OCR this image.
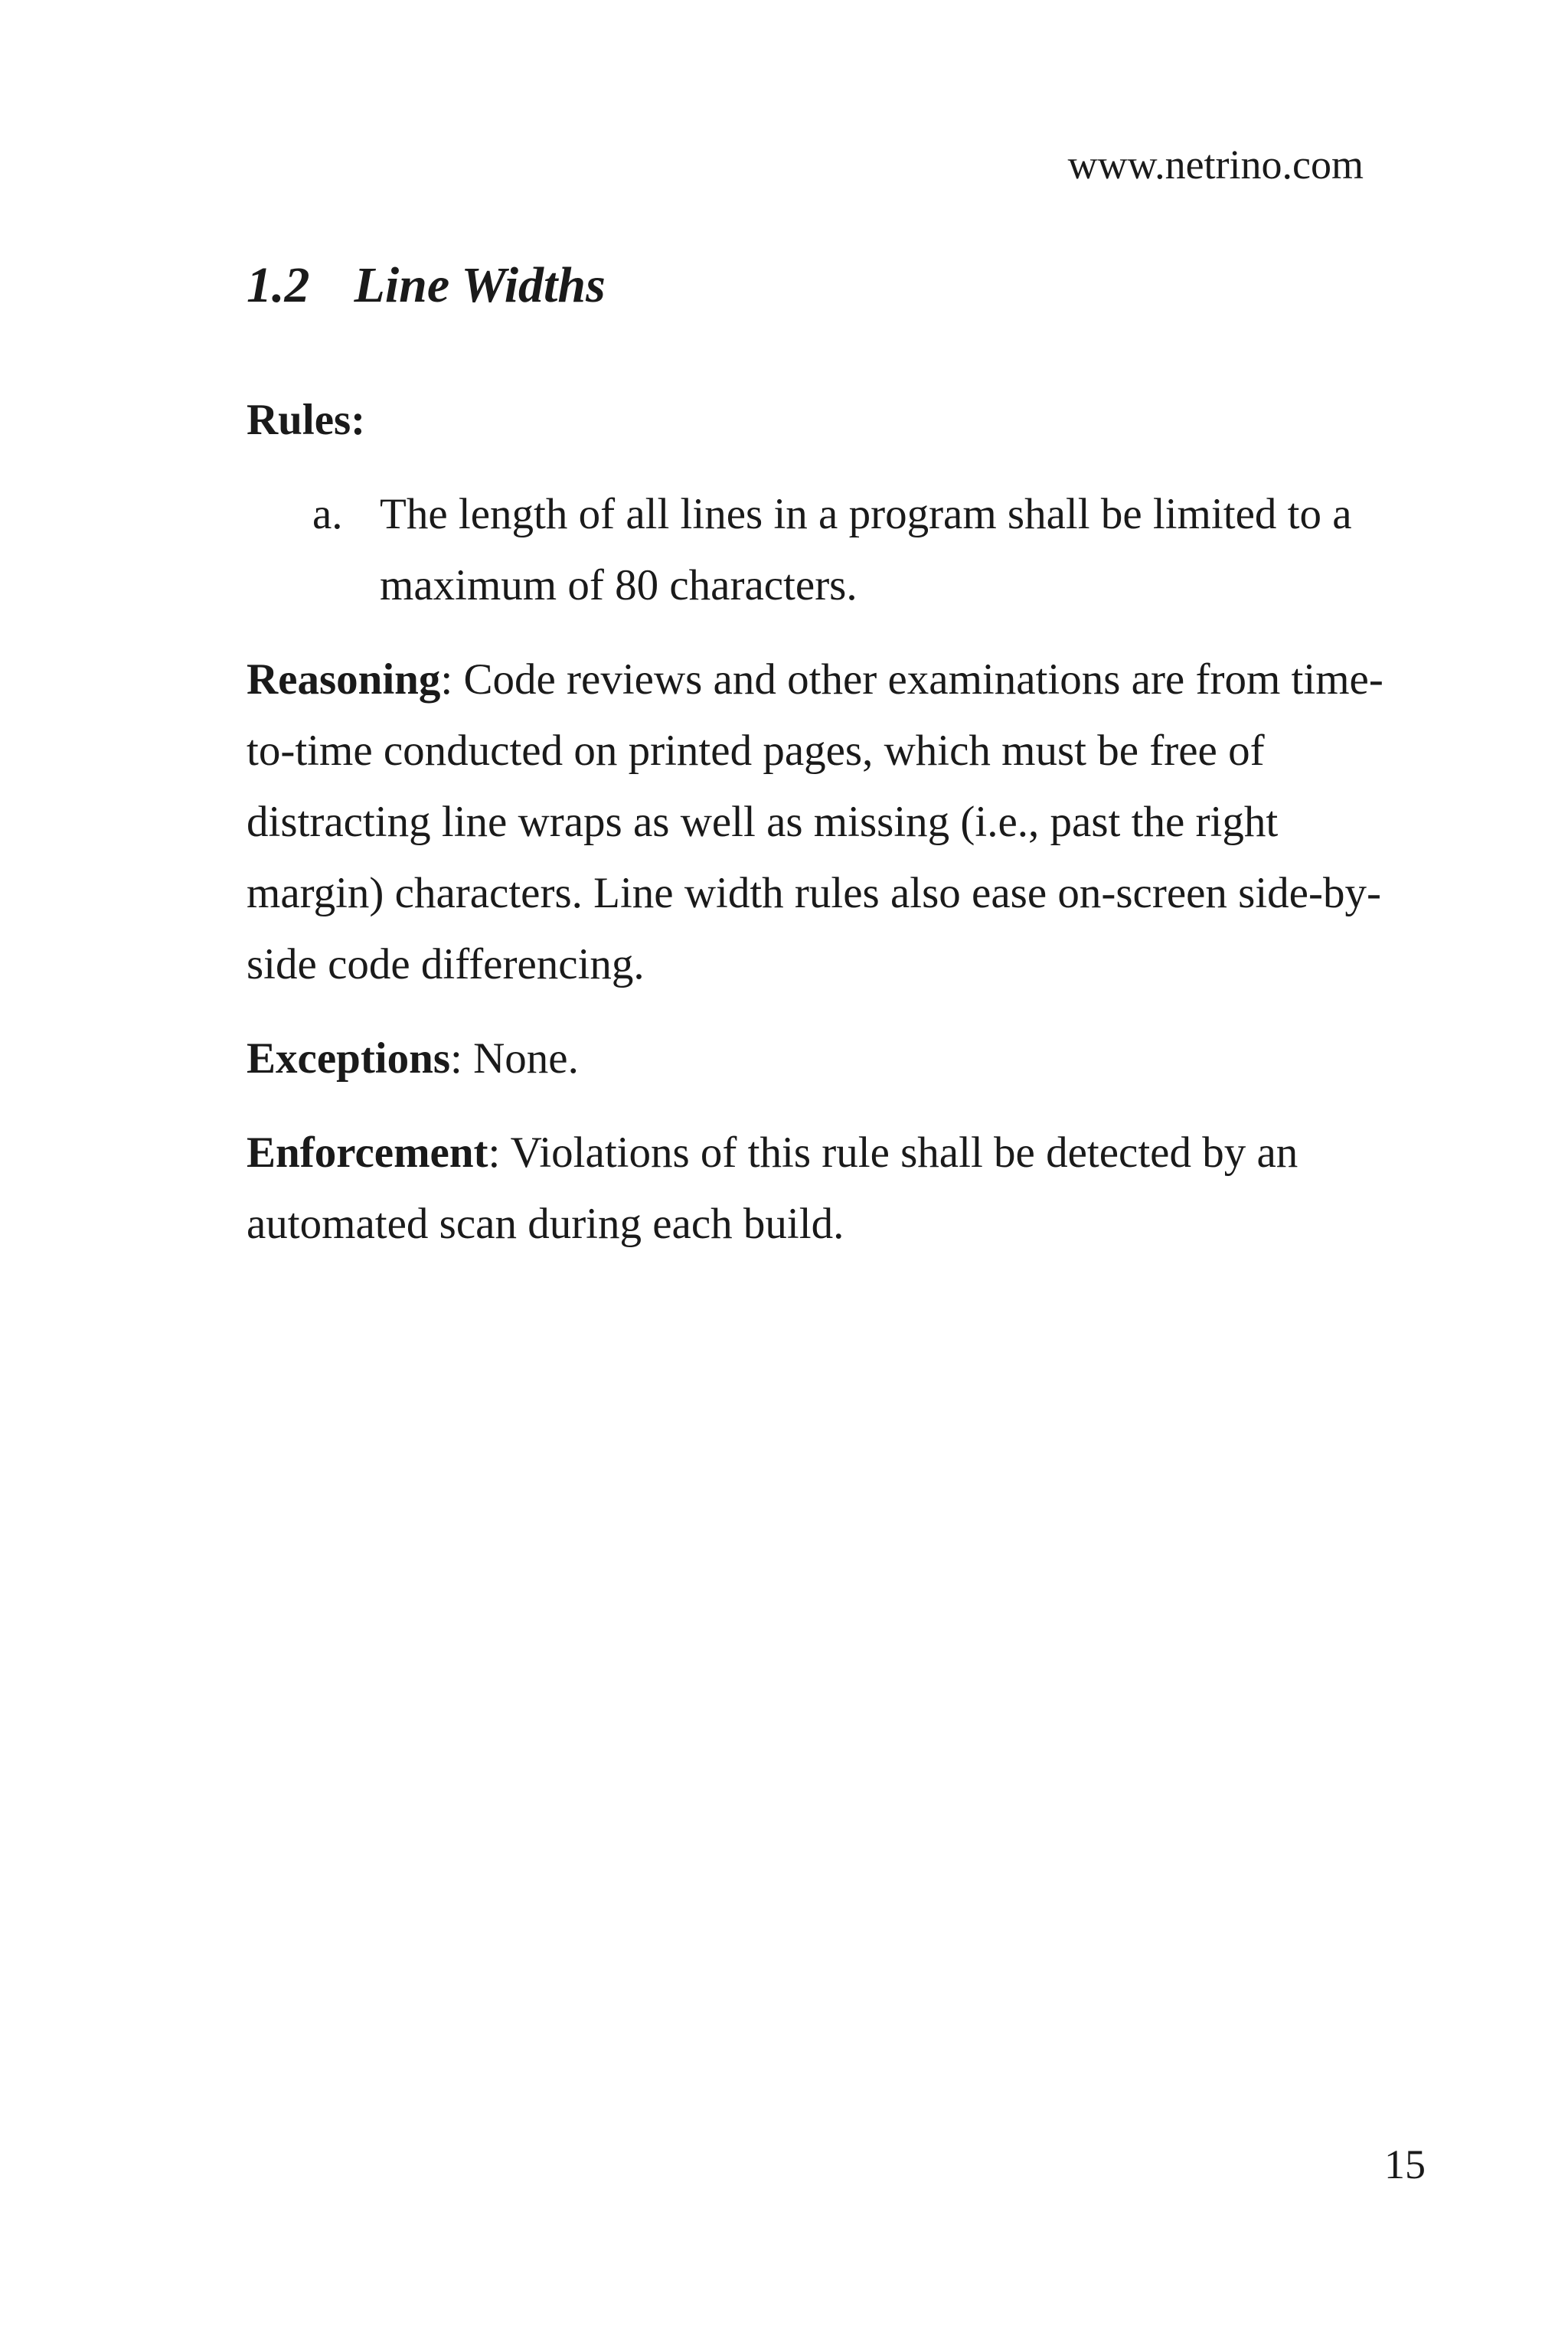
www.netrino.com
1.2 Line Widths
Rules:
a. The length of all lines in a program shall be limited to a maximum of 80 characters.

Reasoning: Code reviews and other examinations are from time-to-time conducted on printed pages, which must be free of distracting line wraps as well as missing (i.e., past the right margin) characters. Line width rules also ease on-screen side-by-side code differencing.

Exceptions: None.

Enforcement: Violations of this rule shall be detected by an automated scan during each build.

15
